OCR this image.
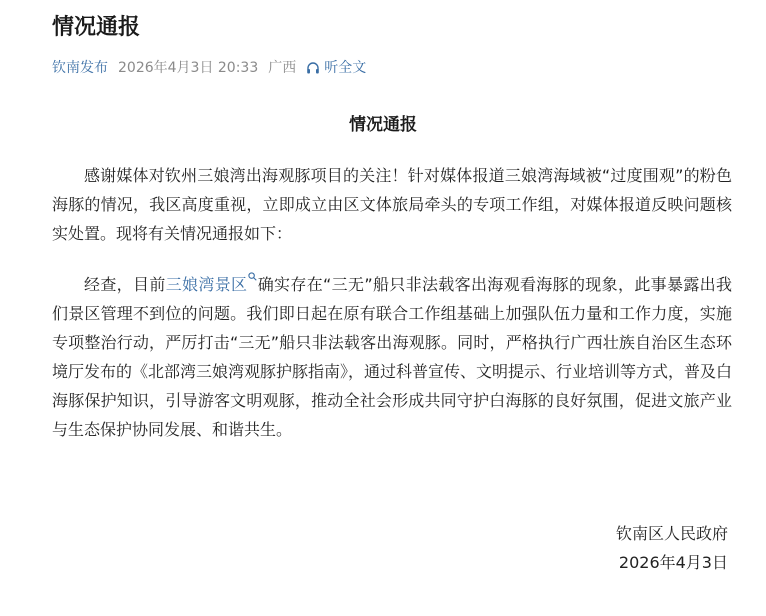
情况通报
钦南发布 2026年4月3日 20:33 广西 听全文
情况通报

感谢媒体对钦州三娘湾出海观豚项目的关注！针对媒体报道三娘湾海域被“过度围观”的粉色海豚的情况，我区高度重视，立即成立由区文体旅局牵头的专项工作组，对媒体报道反映问题核实处置。现将有关情况通报如下：

经查，目前三娘湾景区 确实存在“三无”船只非法载客出海观看海豚的现象，此事暴露出我们景区管理不到位的问题。我们即日起在原有联合工作组基础上加强队伍力量和工作力度，实施专项整治行动，严厉打击“三无”船只非法载客出海观豚。同时，严格执行广西壮族自治区生态环境厅发布的《北部湾三娘湾观豚护豚指南》，通过科普宣传、文明提示、行业培训等方式，普及白海豚保护知识，引导游客文明观豚，推动全社会形成共同守护白海豚的良好氛围，促进文旅产业与生态保护协同发展、和谐共生。

钦南区人民政府
2026年4月3日
